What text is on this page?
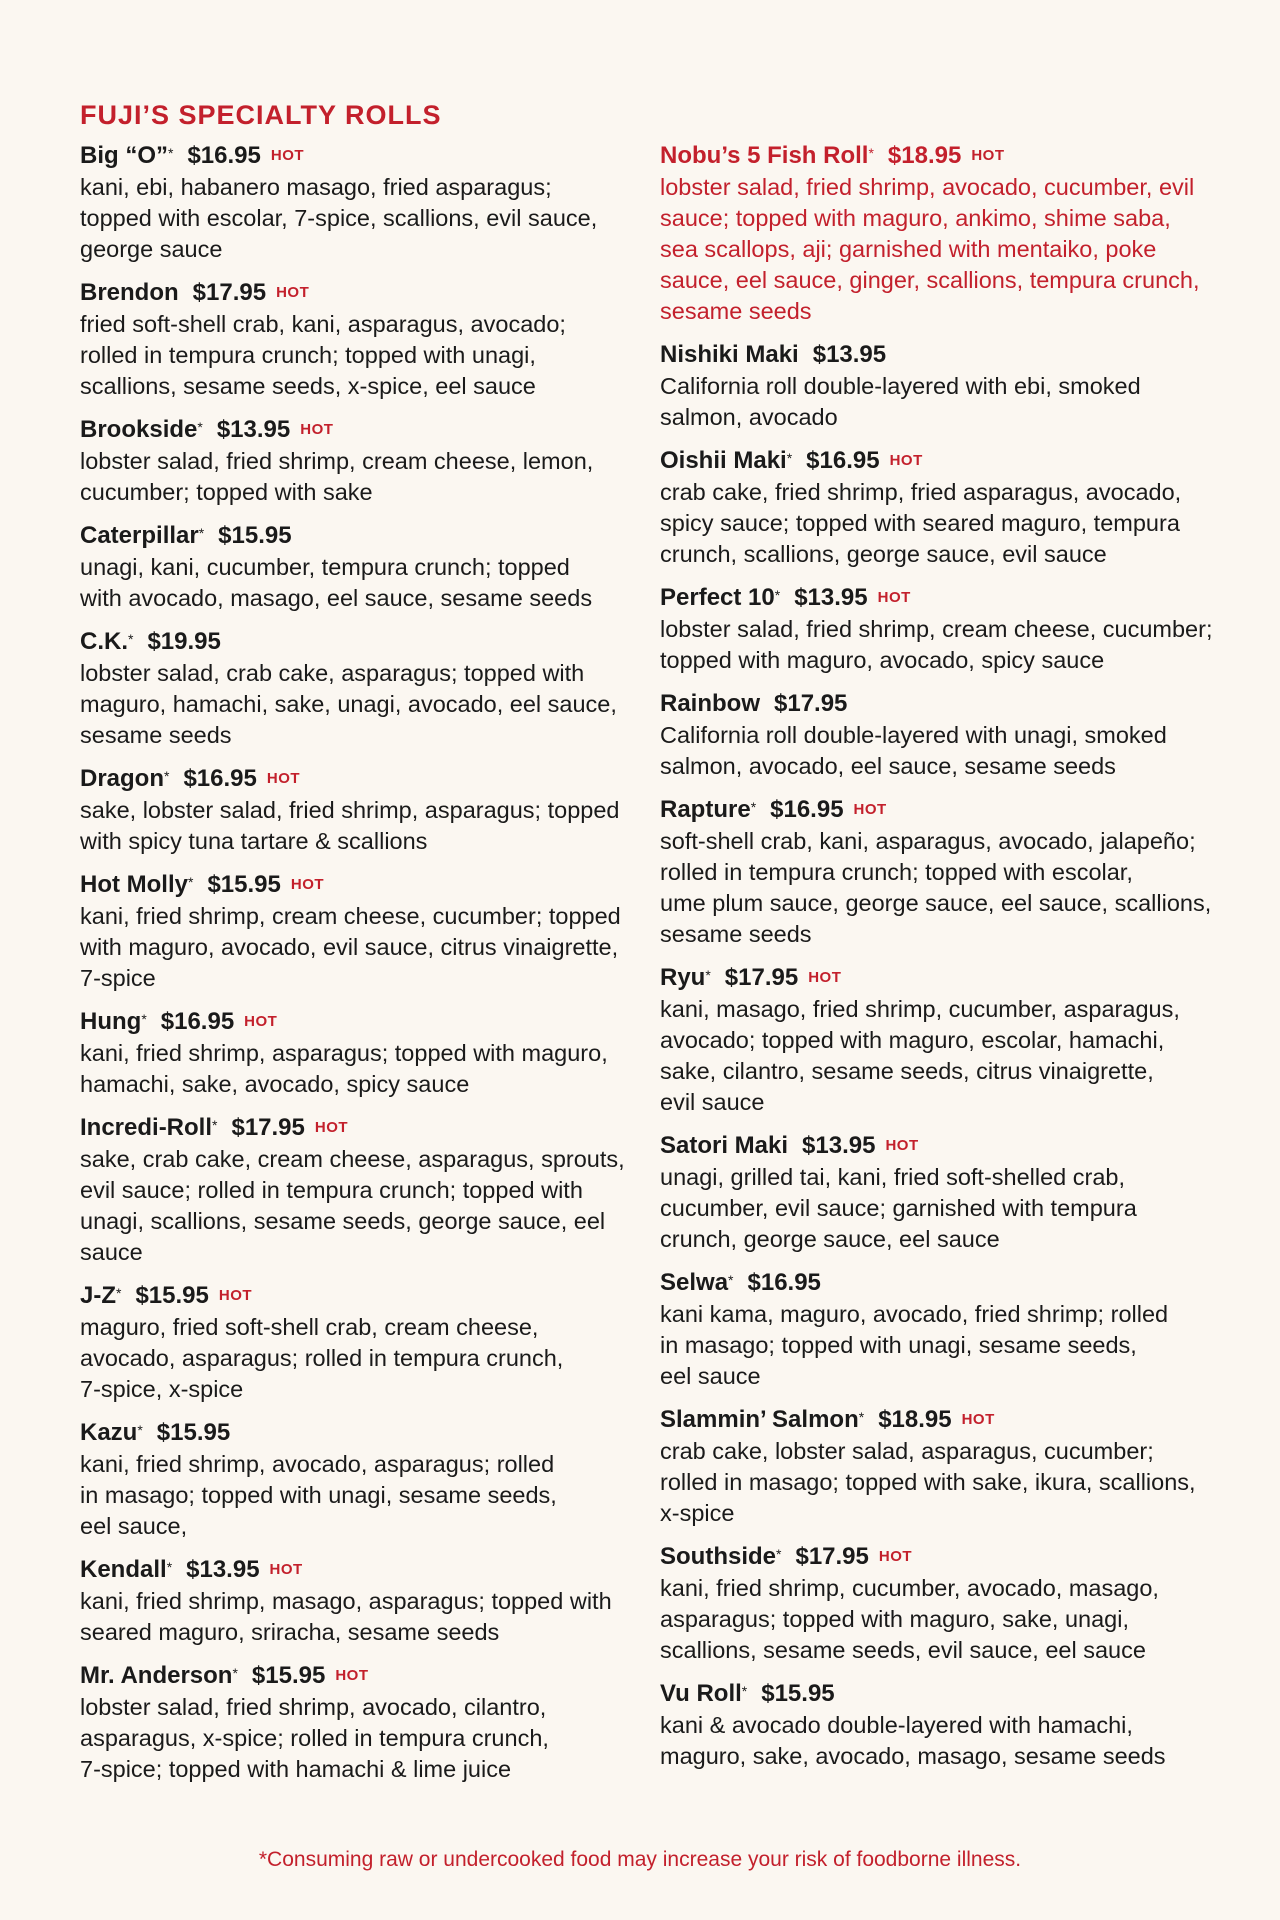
FUJI’S SPECIALTY ROLLS
Big “O”* $16.95 HOT
kani, ebi, habanero masago, fried asparagus;
topped with escolar, 7-spice, scallions, evil sauce,
george sauce
Brendon $17.95 HOT
fried soft-shell crab, kani, asparagus, avocado;
rolled in tempura crunch; topped with unagi,
scallions, sesame seeds, x-spice, eel sauce
Brookside* $13.95 HOT
lobster salad, fried shrimp, cream cheese, lemon,
cucumber; topped with sake
Caterpillar* $15.95
unagi, kani, cucumber, tempura crunch; topped
with avocado, masago, eel sauce, sesame seeds
C.K.* $19.95
lobster salad, crab cake, asparagus; topped with
maguro, hamachi, sake, unagi, avocado, eel sauce,
sesame seeds
Dragon* $16.95 HOT
sake, lobster salad, fried shrimp, asparagus; topped
with spicy tuna tartare & scallions
Hot Molly* $15.95 HOT
kani, fried shrimp, cream cheese, cucumber; topped
with maguro, avocado, evil sauce, citrus vinaigrette,
7-spice
Hung* $16.95 HOT
kani, fried shrimp, asparagus; topped with maguro,
hamachi, sake, avocado, spicy sauce
Incredi-Roll* $17.95 HOT
sake, crab cake, cream cheese, asparagus, sprouts,
evil sauce; rolled in tempura crunch; topped with
unagi, scallions, sesame seeds, george sauce, eel
sauce
J-Z* $15.95 HOT
maguro, fried soft-shell crab, cream cheese,
avocado, asparagus; rolled in tempura crunch,
7-spice, x-spice
Kazu* $15.95
kani, fried shrimp, avocado, asparagus; rolled
in masago; topped with unagi, sesame seeds,
eel sauce,
Kendall* $13.95 HOT
kani, fried shrimp, masago, asparagus; topped with
seared maguro, sriracha, sesame seeds
Mr. Anderson* $15.95 HOT
lobster salad, fried shrimp, avocado, cilantro,
asparagus, x-spice; rolled in tempura crunch,
7-spice; topped with hamachi & lime juice
Nobu’s 5 Fish Roll* $18.95 HOT
lobster salad, fried shrimp, avocado, cucumber, evil
sauce; topped with maguro, ankimo, shime saba,
sea scallops, aji; garnished with mentaiko, poke
sauce, eel sauce, ginger, scallions, tempura crunch,
sesame seeds
Nishiki Maki $13.95
California roll double-layered with ebi, smoked
salmon, avocado
Oishii Maki* $16.95 HOT
crab cake, fried shrimp, fried asparagus, avocado,
spicy sauce; topped with seared maguro, tempura
crunch, scallions, george sauce, evil sauce
Perfect 10* $13.95 HOT
lobster salad, fried shrimp, cream cheese, cucumber;
topped with maguro, avocado, spicy sauce
Rainbow $17.95
California roll double-layered with unagi, smoked
salmon, avocado, eel sauce, sesame seeds
Rapture* $16.95 HOT
soft-shell crab, kani, asparagus, avocado, jalapeño;
rolled in tempura crunch; topped with escolar,
ume plum sauce, george sauce, eel sauce, scallions,
sesame seeds
Ryu* $17.95 HOT
kani, masago, fried shrimp, cucumber, asparagus,
avocado; topped with maguro, escolar, hamachi,
sake, cilantro, sesame seeds, citrus vinaigrette,
evil sauce
Satori Maki $13.95 HOT
unagi, grilled tai, kani, fried soft-shelled crab,
cucumber, evil sauce; garnished with tempura
crunch, george sauce, eel sauce
Selwa* $16.95
kani kama, maguro, avocado, fried shrimp; rolled
in masago; topped with unagi, sesame seeds,
eel sauce
Slammin’ Salmon* $18.95 HOT
crab cake, lobster salad, asparagus, cucumber;
rolled in masago; topped with sake, ikura, scallions,
x-spice
Southside* $17.95 HOT
kani, fried shrimp, cucumber, avocado, masago,
asparagus; topped with maguro, sake, unagi,
scallions, sesame seeds, evil sauce, eel sauce
Vu Roll* $15.95
kani & avocado double-layered with hamachi,
maguro, sake, avocado, masago, sesame seeds

*Consuming raw or undercooked food may increase your risk of foodborne illness.
